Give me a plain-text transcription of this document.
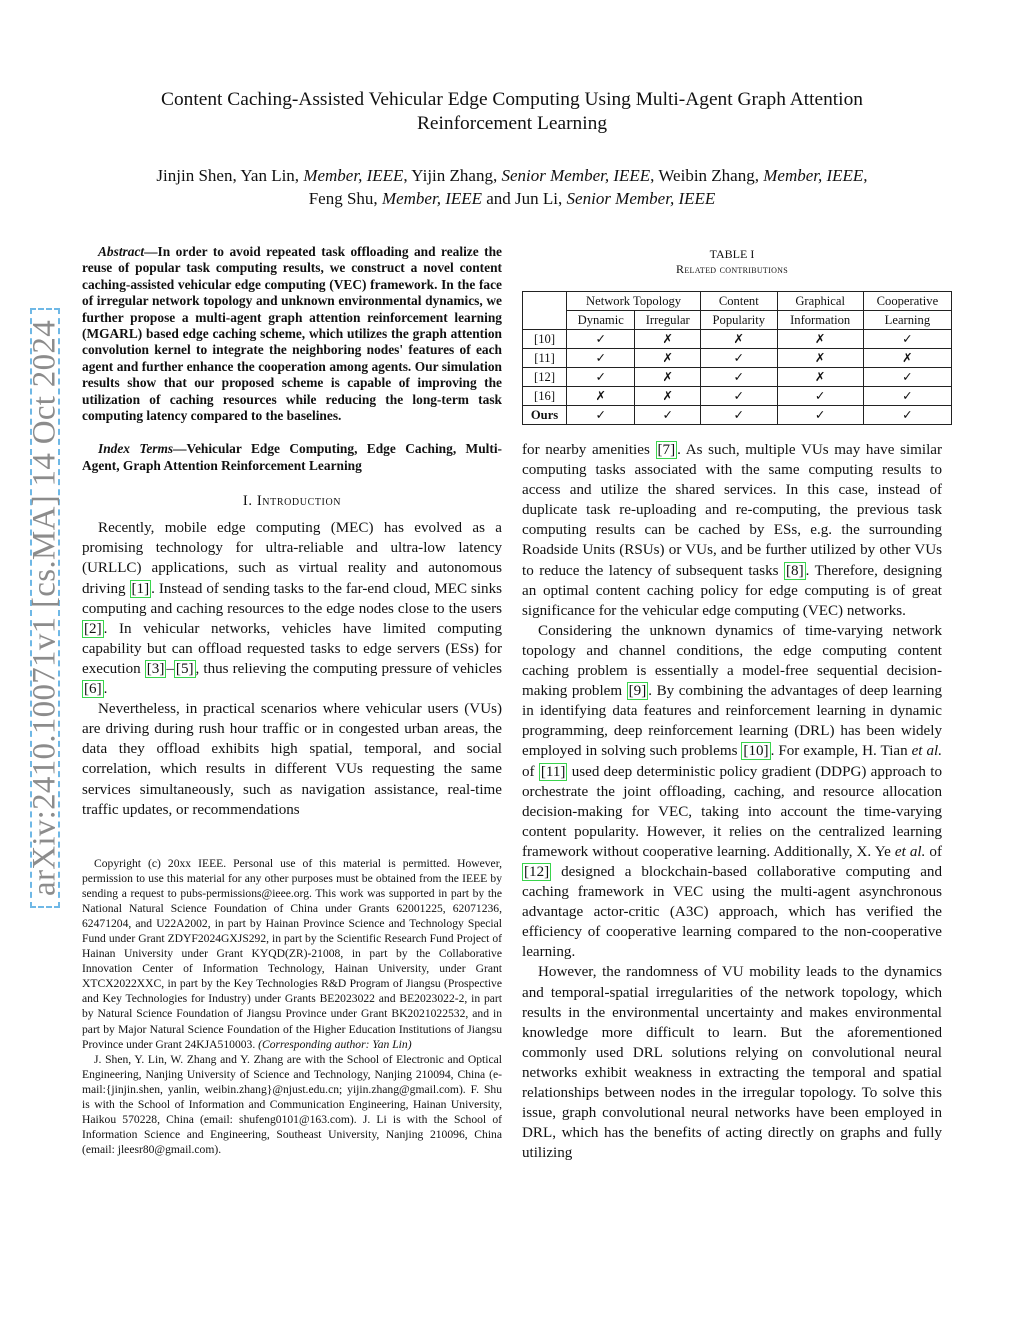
arXiv:2410.10071v1 [cs.MA] 14 Oct 2024
Content Caching-Assisted Vehicular Edge Computing Using Multi-Agent Graph Attention Reinforcement Learning
Jinjin Shen, Yan Lin, Member, IEEE, Yijin Zhang, Senior Member, IEEE, Weibin Zhang, Member, IEEE,
Feng Shu, Member, IEEE and Jun Li, Senior Member, IEEE

Abstract—In order to avoid repeated task offloading and realize the reuse of popular task computing results, we construct a novel content caching-assisted vehicular edge computing (VEC) framework. In the face of irregular network topology and unknown environmental dynamics, we further propose a multi-agent graph attention reinforcement learning (MGARL) based edge caching scheme, which utilizes the graph attention convolution kernel to integrate the neighboring nodes' features of each agent and further enhance the cooperation among agents. Our simulation results show that our proposed scheme is capable of improving the utilization of caching resources while reducing the long-term task computing latency compared to the baselines.

Index Terms—Vehicular Edge Computing, Edge Caching, Multi-Agent, Graph Attention Reinforcement Learning

I. Introduction

Recently, mobile edge computing (MEC) has evolved as a promising technology for ultra-reliable and ultra-low latency (URLLC) applications, such as virtual reality and autonomous driving [1] . Instead of sending tasks to the far-end cloud, MEC sinks computing and caching resources to the edge nodes close to the users [2] . In vehicular networks, vehicles have limited computing capability but can offload requested tasks to edge servers (ESs) for execution [3] – [5] , thus relieving the computing pressure of vehicles [6] .

Nevertheless, in practical scenarios where vehicular users (VUs) are driving during rush hour traffic or in congested urban areas, the data they offload exhibits high spatial, temporal, and social correlation, which results in different VUs requesting the same services simultaneously, such as navigation assistance, real-time traffic updates, or recommendations

Copyright (c) 20xx IEEE. Personal use of this material is permitted. However, permission to use this material for any other purposes must be obtained from the IEEE by sending a request to pubs-permissions@ieee.org. This work was supported in part by the National Natural Science Foundation of China under Grants 62001225, 62071236, 62471204, and U22A2002, in part by Hainan Province Science and Technology Special Fund under Grant ZDYF2024GXJS292, in part by the Scientific Research Fund Project of Hainan University under Grant KYQD(ZR)-21008, in part by the Collaborative Innovation Center of Information Technology, Hainan University, under Grant XTCX2022XXC, in part by the Key Technologies R&D Program of Jiangsu (Prospective and Key Technologies for Industry) under Grants BE2023022 and BE2023022-2, in part by Natural Science Foundation of Jiangsu Province under Grant BK2021022532, and in part by Major Natural Science Foundation of the Higher Education Institutions of Jiangsu Province under Grant 24KJA510003. (Corresponding author: Yan Lin)

J. Shen, Y. Lin, W. Zhang and Y. Zhang are with the School of Electronic and Optical Engineering, Nanjing University of Science and Technology, Nanjing 210094, China (e-mail:{jinjin.shen, yanlin, weibin.zhang}@njust.edu.cn; yijin.zhang@gmail.com). F. Shu is with the School of Information and Communication Engineering, Hainan University, Haikou 570228, China (email: shufeng0101@163.com). J. Li is with the School of Information Science and Engineering, Southeast University, Nanjing 210096, China (email: jleesr80@gmail.com).

TABLE I
Related contributions
	Network Topology		Content	Graphical	Cooperative
	Dynamic	Irregular	Popularity	Information	Learning
[10]	✓	✗	✗	✗	✓
[11]	✓	✗	✓	✗	✗
[12]	✓	✗	✓	✗	✓
[16]	✗	✗	✓	✓	✓
Ours	✓	✓	✓	✓	✓

for nearby amenities [7] . As such, multiple VUs may have similar computing tasks associated with the same computing results to access and utilize the shared services. In this case, instead of duplicate task re-uploading and re-computing, the previous task computing results can be cached by ESs, e.g. the surrounding Roadside Units (RSUs) or VUs, and be further utilized by other VUs to reduce the latency of subsequent tasks [8] . Therefore, designing an optimal content caching policy for edge computing is of great significance for the vehicular edge computing (VEC) networks.

Considering the unknown dynamics of time-varying network topology and channel conditions, the edge computing content caching problem is essentially a model-free sequential decision-making problem [9] . By combining the advantages of deep learning in identifying data features and reinforcement learning in dynamic programming, deep reinforcement learning (DRL) has been widely employed in solving such problems [10] . For example, H. Tian et al. of [11] used deep deterministic policy gradient (DDPG) approach to orchestrate the joint offloading, caching, and resource allocation decision-making for VEC, taking into account the time-varying content popularity. However, it relies on the centralized learning framework without cooperative learning. Additionally, X. Ye et al. of [12] designed a blockchain-based collaborative computing and caching framework in VEC using the multi-agent asynchronous advantage actor-critic (A3C) approach, which has verified the efficiency of cooperative learning compared to the non-cooperative learning.

However, the randomness of VU mobility leads to the dynamics and temporal-spatial irregularities of the network topology, which results in the environmental uncertainty and makes environmental knowledge more difficult to learn. But the aforementioned commonly used DRL solutions relying on convolutional neural networks exhibit weakness in extracting the temporal and spatial relationships between nodes in the irregular topology. To solve this issue, graph convolutional neural networks have been employed in DRL, which has the benefits of acting directly on graphs and fully utilizing
